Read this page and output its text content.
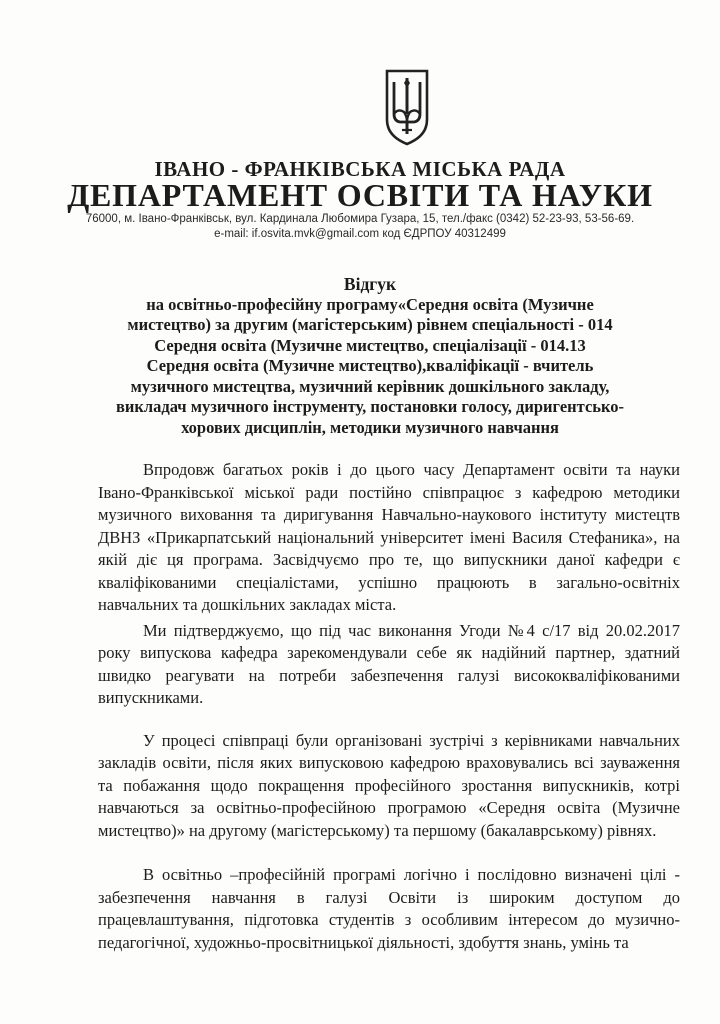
ІВАНО - ФРАНКІВСЬКА МІСЬКА РАДА
ДЕПАРТАМЕНТ ОСВІТИ ТА НАУКИ
76000, м. Івано-Франківськ, вул. Кардинала Любомира Гузара, 15, тел./факс (0342) 52-23-93, 53-56-69.
e-mail: if.osvita.mvk@gmail.com код ЄДРПОУ 40312499
Відгук
на освітньо-професійну програму«Середня освіта (Музичне
мистецтво) за другим (магістерським) рівнем спеціальності - 014
Середня освіта (Музичне мистецтво, спеціалізації - 014.13
Середня освіта (Музичне мистецтво),кваліфікації - вчитель
музичного мистецтва, музичний керівник дошкільного закладу,
викладач музичного інструменту, постановки голосу, диригентсько-
хорових дисциплін, методики музичного навчання

Впродовж багатьох років і до цього часу Департамент освіти та науки Івано-Франківської міської ради постійно співпрацює з кафедрою методики музичного виховання та диригування Навчально-наукового інституту мистецтв ДВНЗ «Прикарпатський національний університет імені Василя Стефаника», на якій діє ця програма. Засвідчуємо про те, що випускники даної кафедри є кваліфікованими спеціалістами, успішно працюють в загально-освітніх навчальних та дошкільних закладах міста.

Ми підтверджуємо, що під час виконання Угоди №4 с/17 від 20.02.2017 року випускова кафедра зарекомендували себе як надійний партнер, здатний швидко реагувати на потреби забезпечення галузі висококваліфікованими випускниками.

У процесі співпраці були організовані зустрічі з керівниками навчальних закладів освіти, після яких випусковою кафедрою враховувались всі зауваження та побажання щодо покращення професійного зростання випускників, котрі навчаються за освітньо-професійною програмою «Середня освіта (Музичне мистецтво)» на другому (магістерському) та першому (бакалаврському) рівнях.

В освітньо –професійній програмі логічно і послідовно визначені цілі - забезпечення навчання в галузі Освіти із широким доступом до працевлаштування, підготовка студентів з особливим інтересом до музично-педагогічної, художньо-просвітницької діяльності, здобуття знань, умінь та
